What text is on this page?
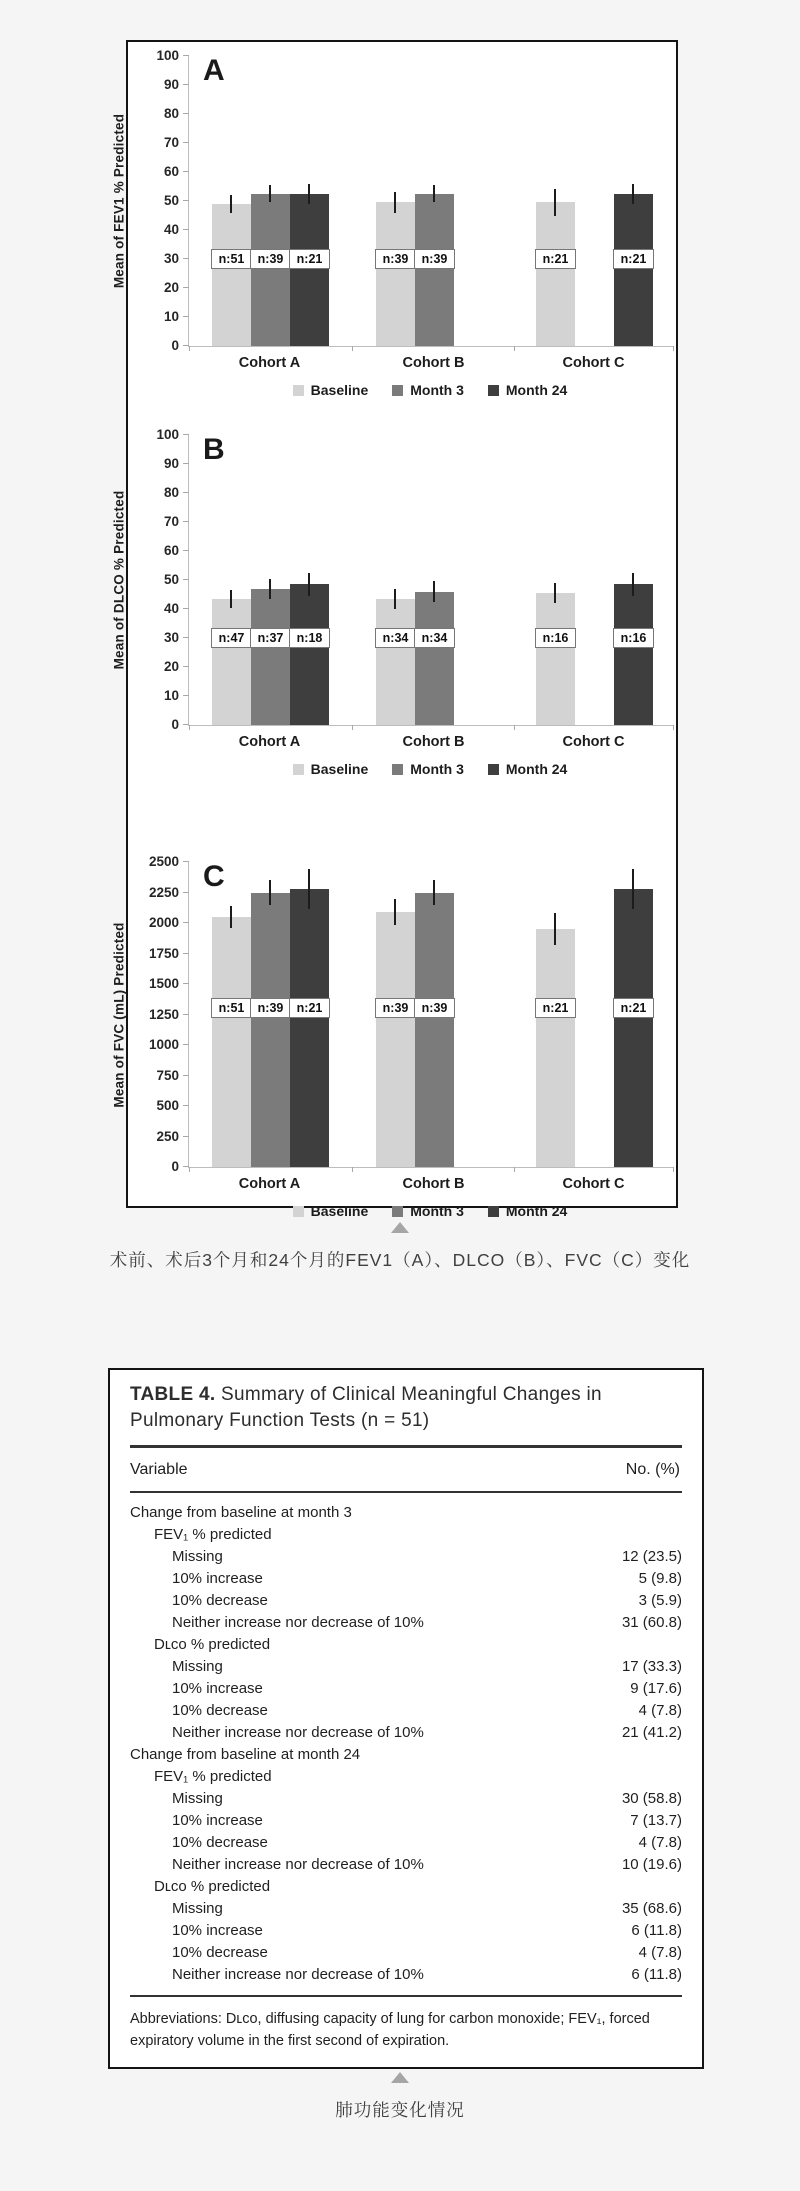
Mean of FEV1 % Predicted
A
0
10
20
30
40
50
60
70
80
90
100
n:51	n:39	n:21	n:39	n:39	n:21	n:21
Cohort A	Cohort B	Cohort C
Baseline	Month 3	Month 24
Mean of DLCO % Predicted
B
0
10
20
30
40
50
60
70
80
90
100
n:47	n:37	n:18	n:34	n:34	n:16	n:16
Cohort A	Cohort B	Cohort C
Baseline	Month 3	Month 24
Mean of FVC (mL) Predicted
C
0
250
500
750
1000
1250
1500
1750
2000
2250
2500
n:51	n:39	n:21	n:39	n:39	n:21	n:21
Cohort A	Cohort B	Cohort C
Baseline	Month 3	Month 24
术前、术后3个月和24个月的FEV1（A）、DLCO（B）、FVC（C）变化
TABLE 4. Summary of Clinical Meaningful Changes in Pulmonary Function Tests (n = 51)
Variable	No. (%)
Change from baseline at month 3
FEV₁ % predicted
Missing	12 (23.5)
10% increase	5 (9.8)
10% decrease	3 (5.9)
Neither increase nor decrease of 10%	31 (60.8)
Dʟᴄᴏ % predicted
Missing	17 (33.3)
10% increase	9 (17.6)
10% decrease	4 (7.8)
Neither increase nor decrease of 10%	21 (41.2)
Change from baseline at month 24
FEV₁ % predicted
Missing	30 (58.8)
10% increase	7 (13.7)
10% decrease	4 (7.8)
Neither increase nor decrease of 10%	10 (19.6)
Dʟᴄᴏ % predicted
Missing	35 (68.6)
10% increase	6 (11.8)
10% decrease	4 (7.8)
Neither increase nor decrease of 10%	6 (11.8)
Abbreviations: Dʟᴄᴏ, diffusing capacity of lung for carbon monoxide; FEV₁, forced expiratory volume in the first second of expiration.
肺功能变化情况
